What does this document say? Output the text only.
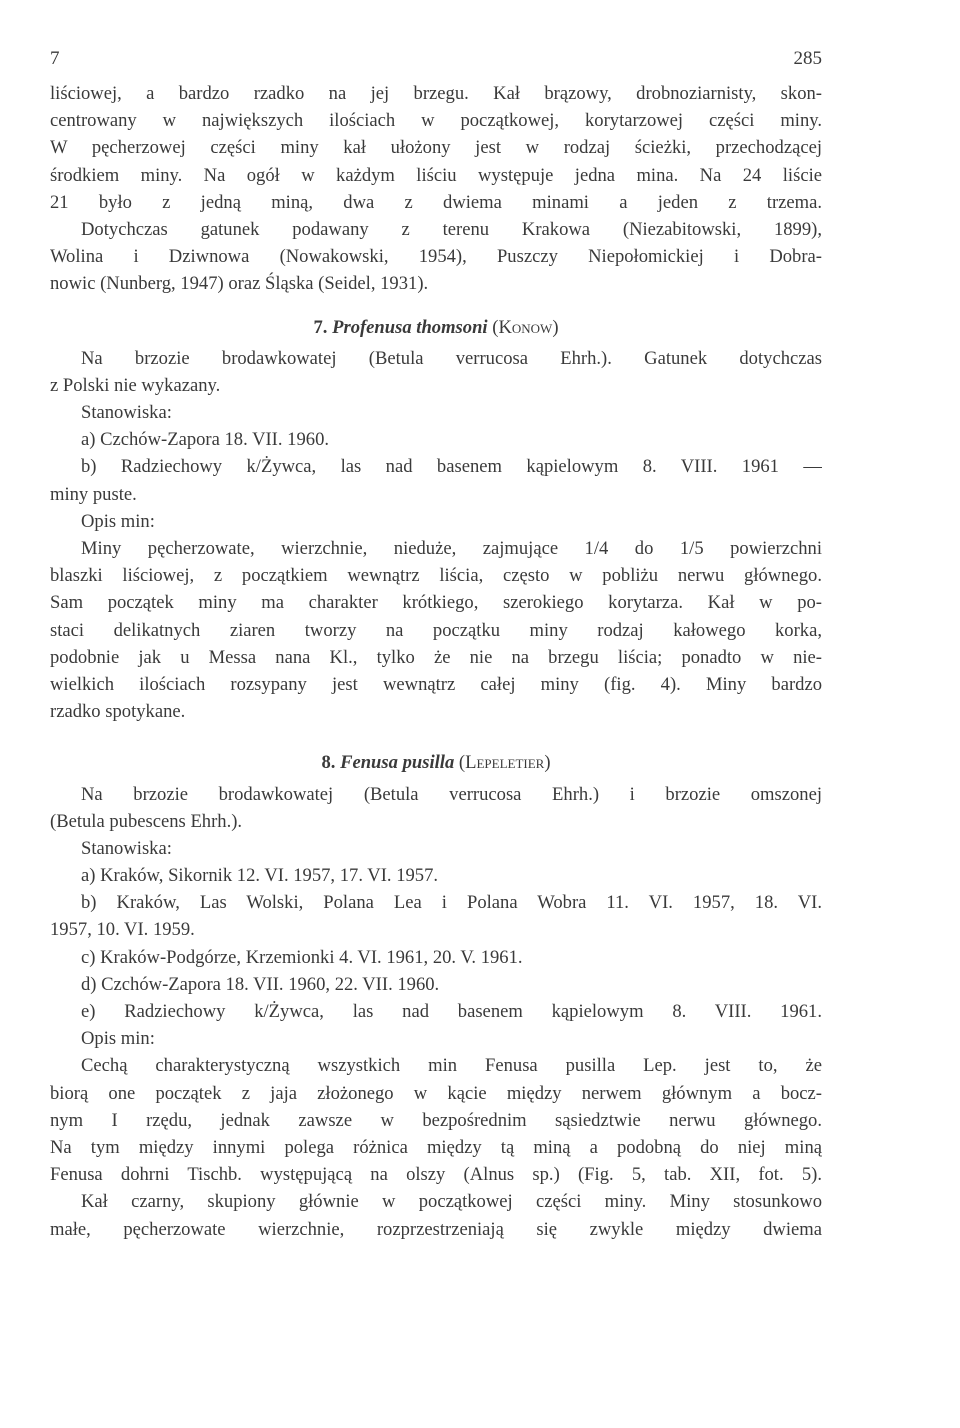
7	285
liściowej, a bardzo rzadko na jej brzegu. Kał brązowy, drobnoziarnisty, skon-
centrowany w największych ilościach w początkowej, korytarzowej części miny.
W pęcherzowej części miny kał ułożony jest w rodzaj ścieżki, przechodzącej
środkiem miny. Na ogół w każdym liściu występuje jedna mina. Na 24 liście
21 było z jedną miną, dwa z dwiema minami a jeden z trzema.
Dotychczas gatunek podawany z terenu Krakowa (Niezabitowski, 1899),
Wolina i Dziwnowa (Nowakowski, 1954), Puszczy Niepołomickiej i Dobra-
nowic (Nunberg, 1947) oraz Śląska (Seidel, 1931).
7. Profenusa thomsoni (Konow)
Na brzozie brodawkowatej (Betula verrucosa Ehrh.). Gatunek dotychczas
z Polski nie wykazany.
Stanowiska:
a) Czchów-Zapora 18. VII. 1960.
b) Radziechowy k/Żywca, las nad basenem kąpielowym 8. VIII. 1961 —
miny puste.
Opis min:
Miny pęcherzowate, wierzchnie, nieduże, zajmujące 1/4 do 1/5 powierzchni
blaszki liściowej, z początkiem wewnątrz liścia, często w pobliżu nerwu głównego.
Sam początek miny ma charakter krótkiego, szerokiego korytarza. Kał w po-
staci delikatnych ziaren tworzy na początku miny rodzaj kałowego korka,
podobnie jak u Messa nana Kl., tylko że nie na brzegu liścia; ponadto w nie-
wielkich ilościach rozsypany jest wewnątrz całej miny (fig. 4). Miny bardzo
rzadko spotykane.
8. Fenusa pusilla (Lepeletier)
Na brzozie brodawkowatej (Betula verrucosa Ehrh.) i brzozie omszonej
(Betula pubescens Ehrh.).
Stanowiska:
a) Kraków, Sikornik 12. VI. 1957, 17. VI. 1957.
b) Kraków, Las Wolski, Polana Lea i Polana Wobra 11. VI. 1957, 18. VI.
1957, 10. VI. 1959.
c) Kraków-Podgórze, Krzemionki 4. VI. 1961, 20. V. 1961.
d) Czchów-Zapora 18. VII. 1960, 22. VII. 1960.
e) Radziechowy k/Żywca, las nad basenem kąpielowym 8. VIII. 1961.
Opis min:
Cechą charakterystyczną wszystkich min Fenusa pusilla Lep. jest to, że
biorą one początek z jaja złożonego w kącie między nerwem głównym a bocz-
nym I rzędu, jednak zawsze w bezpośrednim sąsiedztwie nerwu głównego.
Na tym między innymi polega różnica między tą miną a podobną do niej miną
Fenusa dohrni Tischb. występującą na olszy (Alnus sp.) (Fig. 5, tab. XII, fot. 5).
Kał czarny, skupiony głównie w początkowej części miny. Miny stosunkowo
małe, pęcherzowate wierzchnie, rozprzestrzeniają się zwykle między dwiema
